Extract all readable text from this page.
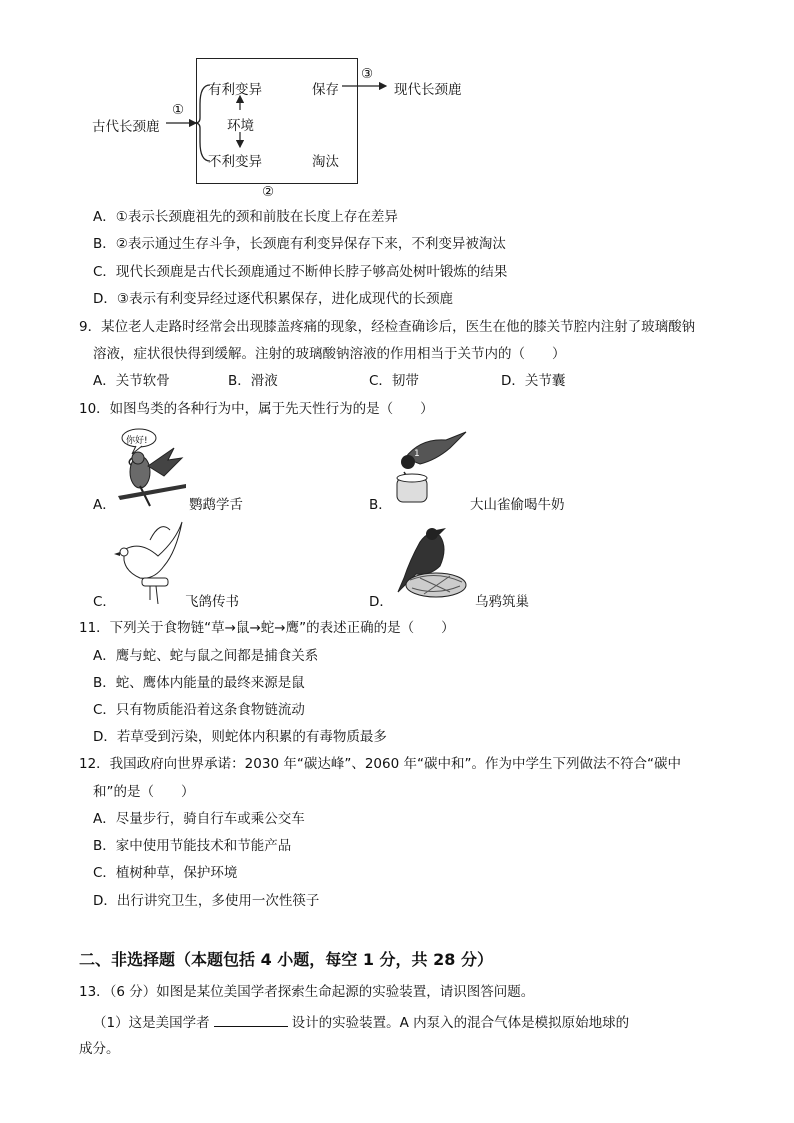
古代长颈鹿
①
有利变异
环境
不利变异
保存
淘汰
③
现代长颈鹿
②
A．①表示长颈鹿祖先的颈和前肢在长度上存在差异
B．②表示通过生存斗争，长颈鹿有利变异保存下来，不利变异被淘汰
C．现代长颈鹿是古代长颈鹿通过不断伸长脖子够高处树叶锻炼的结果
D．③表示有利变异经过逐代积累保存，进化成现代的长颈鹿
9．某位老人走路时经常会出现膝盖疼痛的现象，经检查确诊后，医生在他的膝关节腔内注射了玻璃酸钠
溶液，症状很快得到缓解。注射的玻璃酸钠溶液的作用相当于关节内的（　　）
A．关节软骨	B．滑液	C．韧带	D．关节囊
10．如图鸟类的各种行为中，属于先天性行为的是（　　）
A．
你好!
鹦鹉学舌	B．
1
大山雀偷喝牛奶
C．	飞鸽传书	D．	乌鸦筑巢
11．下列关于食物链“草→鼠→蛇→鹰”的表述正确的是（　　）
A．鹰与蛇、蛇与鼠之间都是捕食关系
B．蛇、鹰体内能量的最终来源是鼠
C．只有物质能沿着这条食物链流动
D．若草受到污染，则蛇体内积累的有毒物质最多
12．我国政府向世界承诺：2030 年“碳达峰”、2060 年“碳中和”。作为中学生下列做法不符合“碳中
和”的是（　　）
A．尽量步行，骑自行车或乘公交车
B．家中使用节能技术和节能产品
C．植树种草，保护环境
D．出行讲究卫生，多使用一次性筷子
二、非选择题（本题包括 4 小题，每空 1 分，共 28 分）
13．（6 分）如图是某位美国学者探索生命起源的实验装置，请识图答问题。
（1）这是美国学者	设计的实验装置。A 内泵入的混合气体是模拟原始地球的
成分。
